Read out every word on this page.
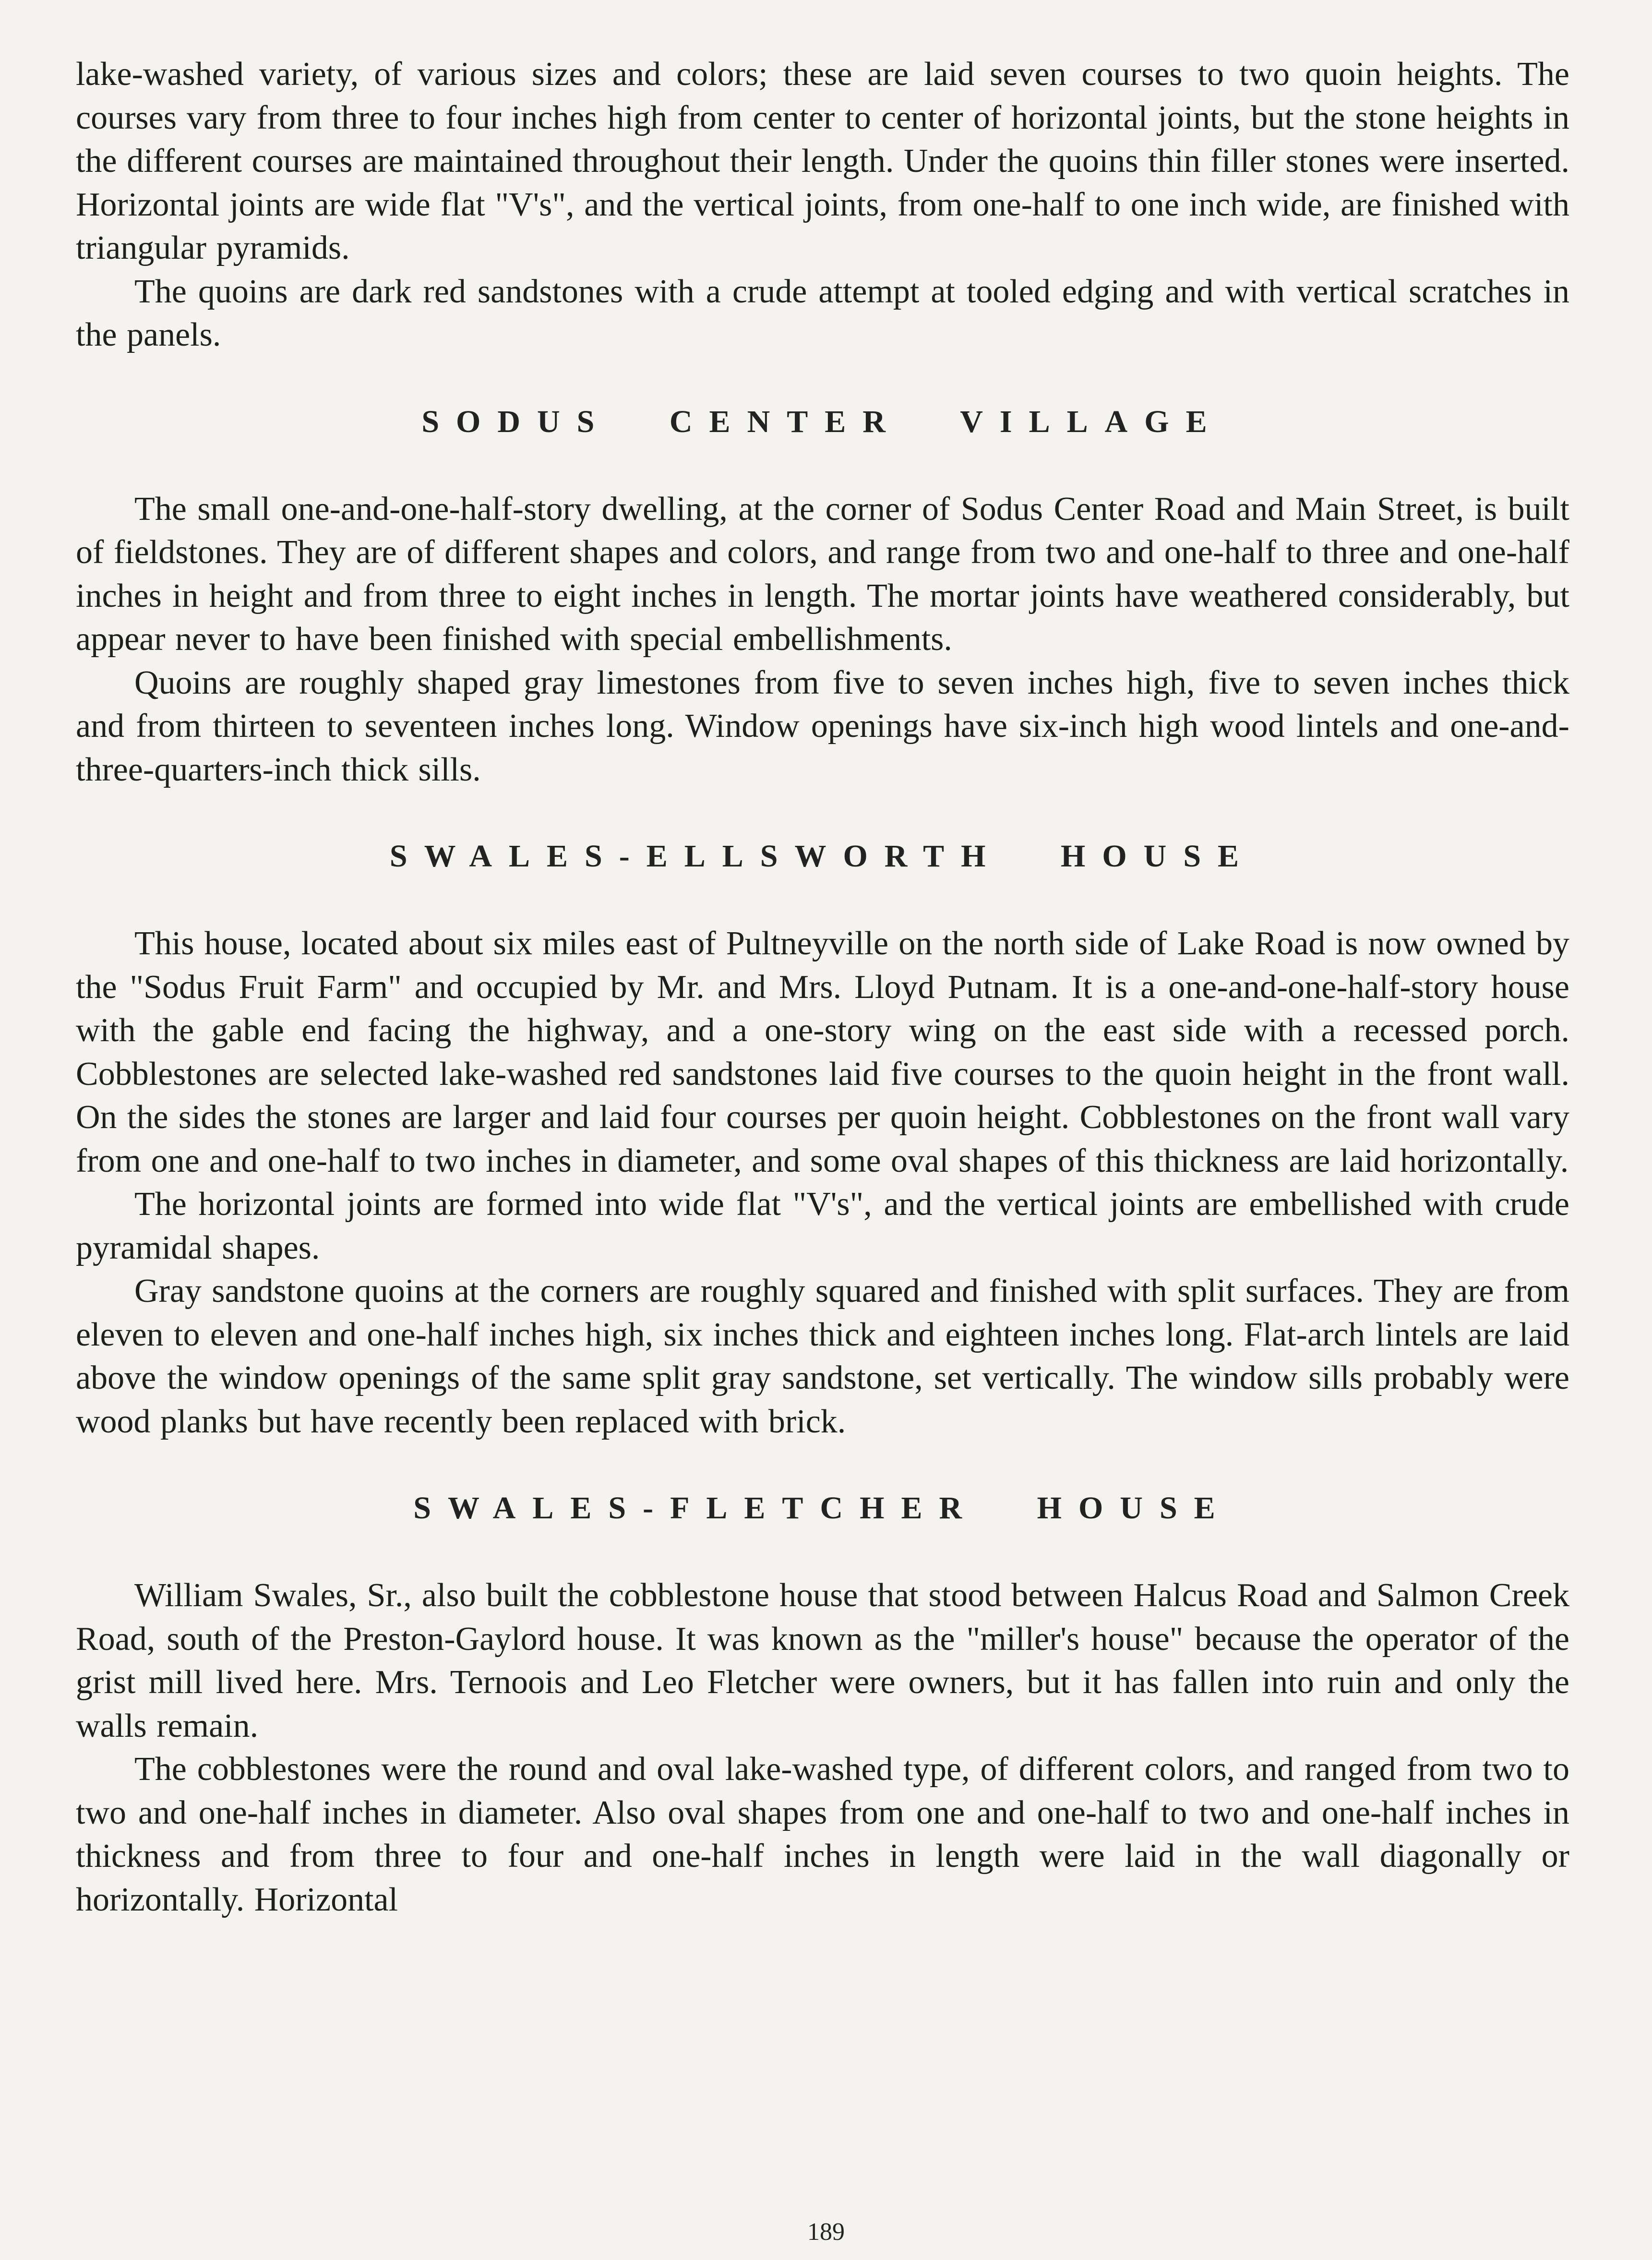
lake-washed variety, of various sizes and colors; these are laid seven courses to two quoin heights. The courses vary from three to four inches high from center to center of horizontal joints, but the stone heights in the different courses are maintained throughout their length. Under the quoins thin filler stones were inserted. Horizontal joints are wide flat "V's", and the vertical joints, from one-half to one inch wide, are finished with triangular pyramids.

The quoins are dark red sandstones with a crude attempt at tooled edging and with vertical scratches in the panels.

SODUS CENTER VILLAGE

The small one-and-one-half-story dwelling, at the corner of Sodus Center Road and Main Street, is built of fieldstones. They are of different shapes and colors, and range from two and one-half to three and one-half inches in height and from three to eight inches in length. The mortar joints have weathered considerably, but appear never to have been finished with special embellishments.

Quoins are roughly shaped gray limestones from five to seven inches high, five to seven inches thick and from thirteen to seventeen inches long. Window openings have six-inch high wood lintels and one-and-three-quarters-inch thick sills.

SWALES-ELLSWORTH HOUSE

This house, located about six miles east of Pultneyville on the north side of Lake Road is now owned by the "Sodus Fruit Farm" and occupied by Mr. and Mrs. Lloyd Putnam. It is a one-and-one-half-story house with the gable end facing the highway, and a one-story wing on the east side with a recessed porch. Cobblestones are selected lake-washed red sandstones laid five courses to the quoin height in the front wall. On the sides the stones are larger and laid four courses per quoin height. Cobblestones on the front wall vary from one and one-half to two inches in diameter, and some oval shapes of this thickness are laid horizontally.

The horizontal joints are formed into wide flat "V's", and the vertical joints are embellished with crude pyramidal shapes.

Gray sandstone quoins at the corners are roughly squared and finished with split surfaces. They are from eleven to eleven and one-half inches high, six inches thick and eighteen inches long. Flat-arch lintels are laid above the window openings of the same split gray sandstone, set vertically. The window sills probably were wood planks but have recently been replaced with brick.

SWALES-FLETCHER HOUSE

William Swales, Sr., also built the cobblestone house that stood between Halcus Road and Salmon Creek Road, south of the Preston-Gaylord house. It was known as the "miller's house" because the operator of the grist mill lived here. Mrs. Ternoois and Leo Fletcher were owners, but it has fallen into ruin and only the walls remain.

The cobblestones were the round and oval lake-washed type, of different colors, and ranged from two to two and one-half inches in diameter. Also oval shapes from one and one-half to two and one-half inches in thickness and from three to four and one-half inches in length were laid in the wall diagonally or horizontally. Horizontal

189
